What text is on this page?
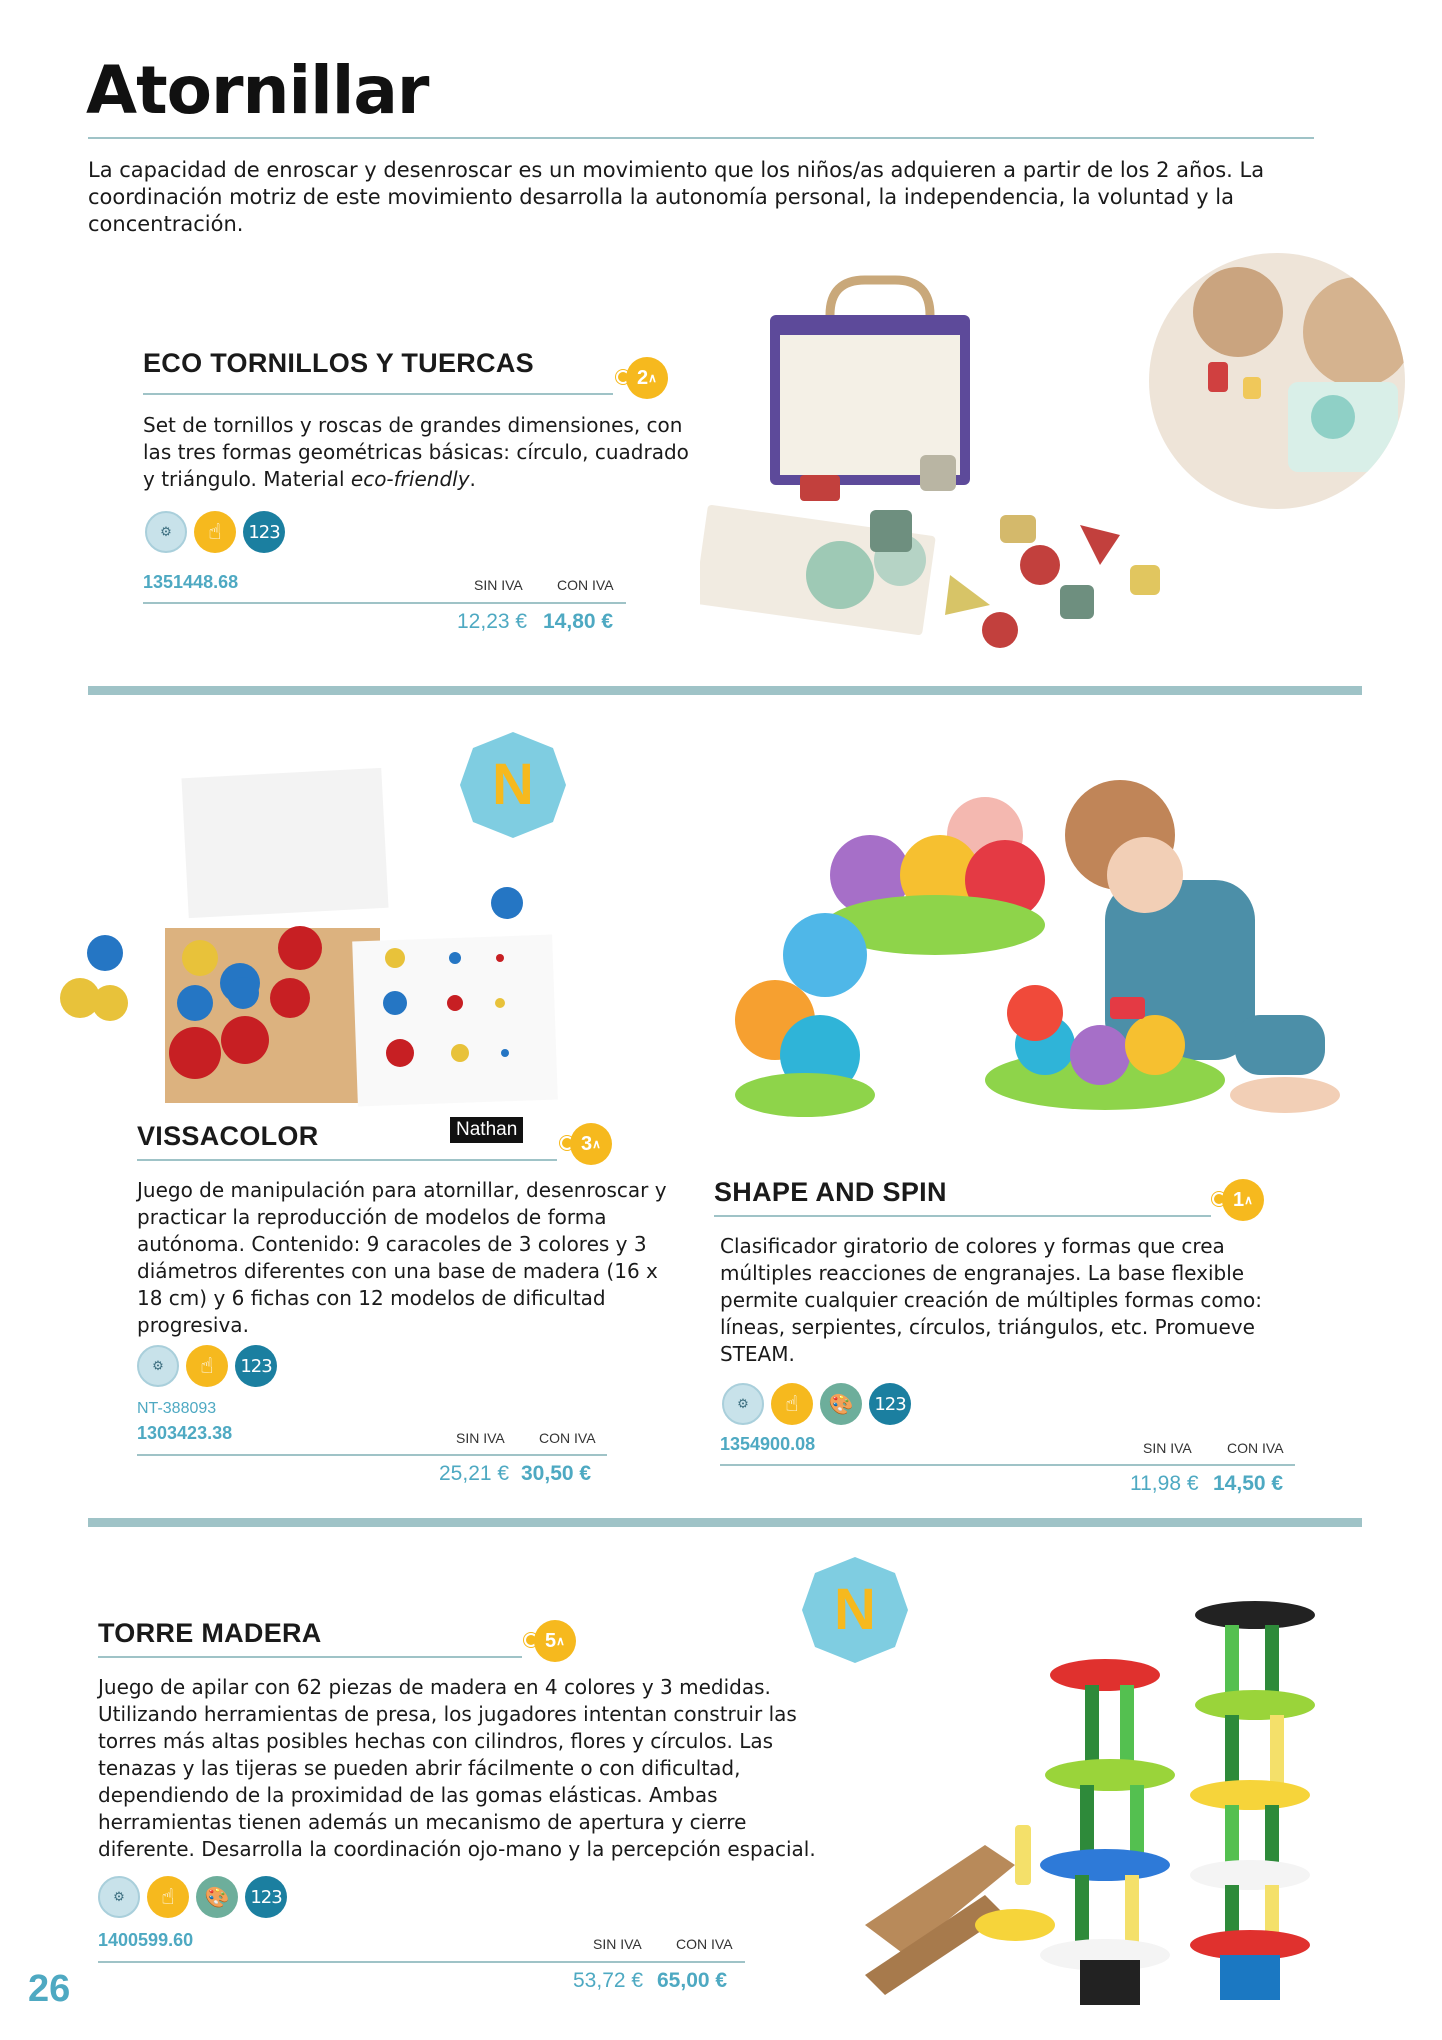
Atornillar
La capacidad de enroscar y desenroscar es un movimiento que los niños/as adquieren a partir de los 2 años. La coordinación motriz de este movimiento desarrolla la autonomía personal, la independencia, la voluntad y la concentración.
ECO TORNILLOS Y TUERCAS	2 ∧
Set de tornillos y roscas de grandes dimensiones, con las tres formas geométricas básicas: círculo, cuadrado y triángulo. Material eco-friendly.
⚙	☝	123
1351448.68	SIN IVA CON IVA
12,23 € 14,80 €
N
VISSACOLOR	Nathan
3 ∧
Juego de manipulación para atornillar, desenroscar y practicar la reproducción de modelos de forma autónoma. Contenido: 9 caracoles de 3 colores y 3 diámetros diferentes con una base de madera (16 x 18 cm) y 6 fichas con 12 modelos de dificultad progresiva.
⚙	☝	123
NT-388093
1303423.38	SIN IVA CON IVA
25,21 € 30,50 €
SHAPE AND SPIN	1 ∧
Clasificador giratorio de colores y formas que crea múltiples reacciones de engranajes. La base flexible permite cualquier creación de múltiples formas como: líneas, serpientes, círculos, triángulos, etc. Promueve STEAM.
⚙	☝	🎨	123
1354900.08	SIN IVA	CON IVA
11,98 € 14,50 €
N
TORRE MADERA	5 ∧
Juego de apilar con 62 piezas de madera en 4 colores y 3 medidas. Utilizando herramientas de presa, los jugadores intentan construir las torres más altas posibles hechas con cilindros, flores y círculos. Las tenazas y las tijeras se pueden abrir fácilmente o con dificultad, dependiendo de la proximidad de las gomas elásticas. Ambas herramientas tienen además un mecanismo de apertura y cierre diferente. Desarrolla la coordinación ojo-mano y la percepción espacial.
⚙	☝	🎨	123
1400599.60	SIN IVA CON IVA
53,72 € 65,00 €
26
